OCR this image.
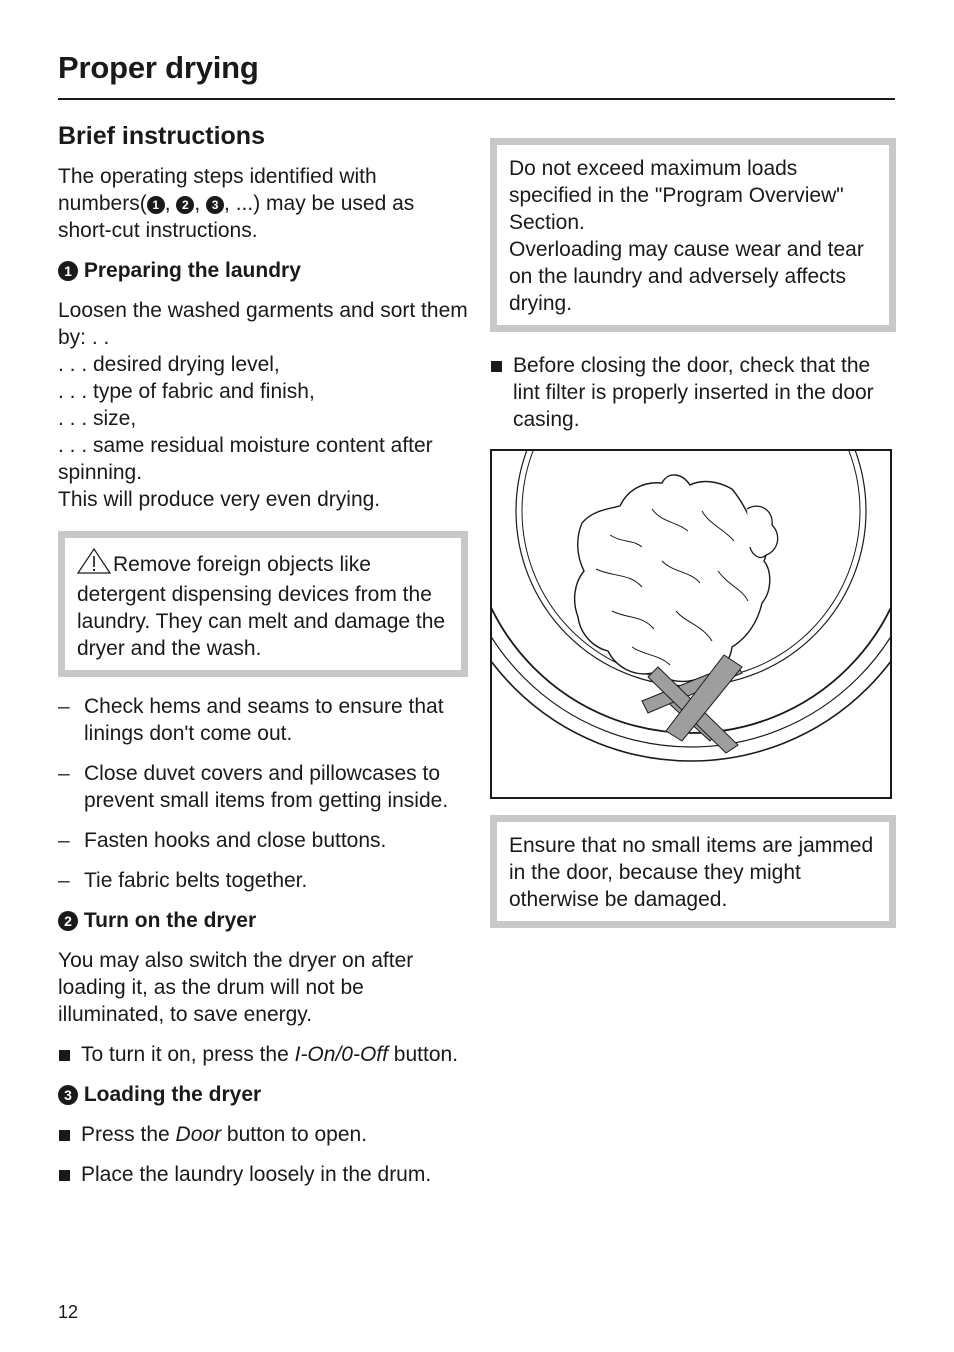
Proper drying
Brief instructions

The operating steps identified with numbers( 1 , 2 , 3 , ...) may be used as short-cut instructions.

1 Preparing the laundry
Loosen the washed garments and sort them by: . .
. . . desired drying level,
. . . type of fabric and finish,
. . . size,
. . . same residual moisture content after spinning.
This will produce very even drying.
Remove foreign objects like detergent dispensing devices from the laundry. They can melt and damage the dryer and the wash.
– Check hems and seams to ensure that linings don't come out.
– Close duvet covers and pillowcases to prevent small items from getting inside.
– Fasten hooks and close buttons.
– Tie fabric belts together.
2 Turn on the dryer

You may also switch the dryer on after loading it, as the drum will not be illuminated, to save energy.

To turn it on, press the I-On/0-Off button.
3 Loading the dryer
Press the Door button to open.
Place the laundry loosely in the drum.
Do not exceed maximum loads specified in the "Program Overview" Section.
Overloading may cause wear and tear on the laundry and adversely affects drying.
Before closing the door, check that the lint filter is properly inserted in the door casing.
Ensure that no small items are jammed in the door, because they might otherwise be damaged.
12
